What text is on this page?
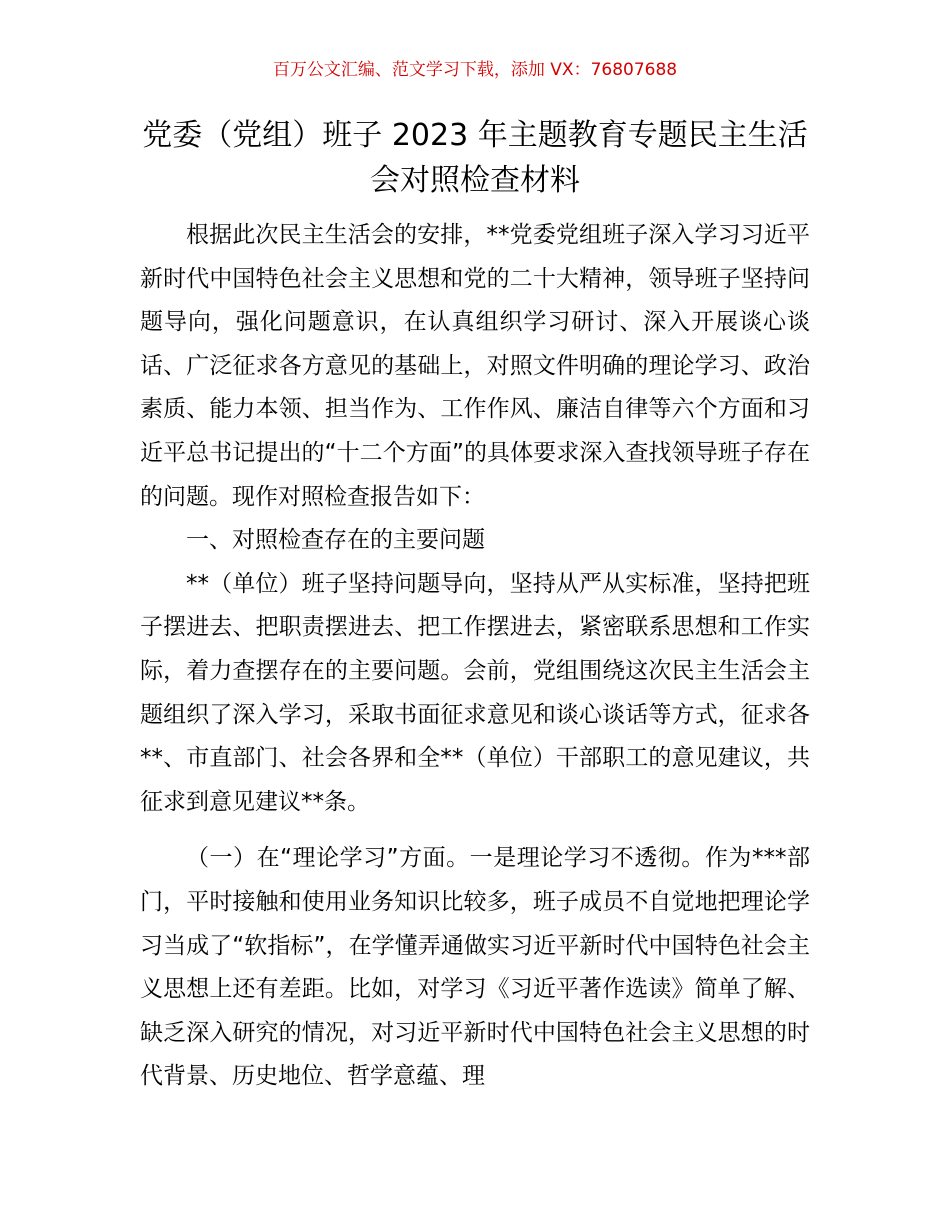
百万公文汇编、范文学习下载，添加 VX：76807688
党委（党组）班子 2023 年主题教育专题民主生活会对照检查材料

根据此次民主生活会的安排，**党委党组班子深入学习习近平新时代中国特色社会主义思想和党的二十大精神，领导班子坚持问题导向，强化问题意识，在认真组织学习研讨、深入开展谈心谈话、广泛征求各方意见的基础上，对照文件明确的理论学习、政治素质、能力本领、担当作为、工作作风、廉洁自律等六个方面和习近平总书记提出的“十二个方面”的具体要求深入查找领导班子存在的问题。现作对照检查报告如下：

一、对照检查存在的主要问题

**（单位）班子坚持问题导向，坚持从严从实标准，坚持把班子摆进去、把职责摆进去、把工作摆进去，紧密联系思想和工作实际，着力查摆存在的主要问题。会前，党组围绕这次民主生活会主题组织了深入学习，采取书面征求意见和谈心谈话等方式，征求各**、市直部门、社会各界和全**（单位）干部职工的意见建议，共征求到意见建议**条。

（一）在“理论学习”方面。一是理论学习不透彻。作为***部门，平时接触和使用业务知识比较多，班子成员不自觉地把理论学习当成了“软指标”，在学懂弄通做实习近平新时代中国特色社会主义思想上还有差距。比如，对学习《习近平著作选读》简单了解、缺乏深入研究的情况，对习近平新时代中国特色社会主义思想的时代背景、历史地位、哲学意蕴、理
